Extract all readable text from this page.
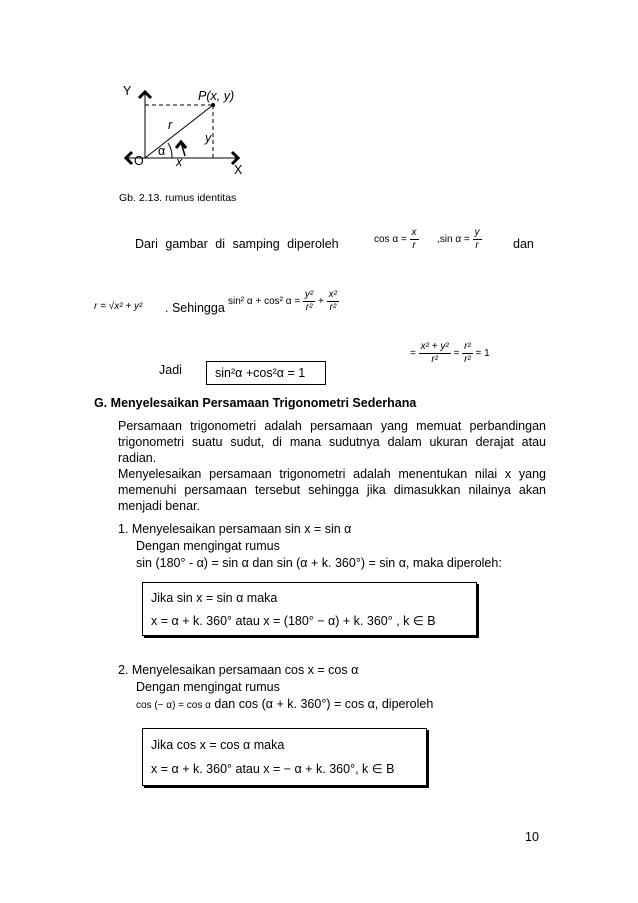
Y
X
O
P(x, y)
r
y
x
α
Gb. 2.13. rumus identitas
Dari gambar di samping diperoleh	$\cos \alpha = \frac{x}{r} ,\sin$ $\alpha = \frac{y}{r}$	dan
r = √x² + y² . Sehingga sin² α + cos² $\alpha = \frac{\text{y²}}{\text{r²}} + \frac{\text{x²}}{\text{r²}}$
= $\frac{\text{x² + y²}}{\text{r²}} = \frac{\text{r²}}{\text{r²}} = 1$
Jadi	sin²α +cos²α = 1
G. Menyelesaikan Persamaan Trigonometri Sederhana
Persamaan trigonometri adalah persamaan yang memuat perbandingan trigonometri suatu sudut, di mana sudutnya dalam ukuran derajat atau radian.
Menyelesaikan persamaan trigonometri adalah menentukan nilai x yang memenuhi persamaan tersebut sehingga jika dimasukkan nilainya akan menjadi benar.
1. Menyelesaikan persamaan sin x = sin α
Dengan mengingat rumus
sin (180° - α) = sin α dan sin (α + k. 360°) = sin α, maka diperoleh:
Jika sin x = sin α maka
x = α + k. 360° atau x = (180° − α) + k. 360° , k ∈ B
2. Menyelesaikan persamaan cos x = cos α
Dengan mengingat rumus
cos (− α) = cos α dan cos (α + k. 360°) = cos α, diperoleh
Jika cos x = cos α maka
x = α + k. 360° atau x = − α + k. 360°, k ∈ B
10
